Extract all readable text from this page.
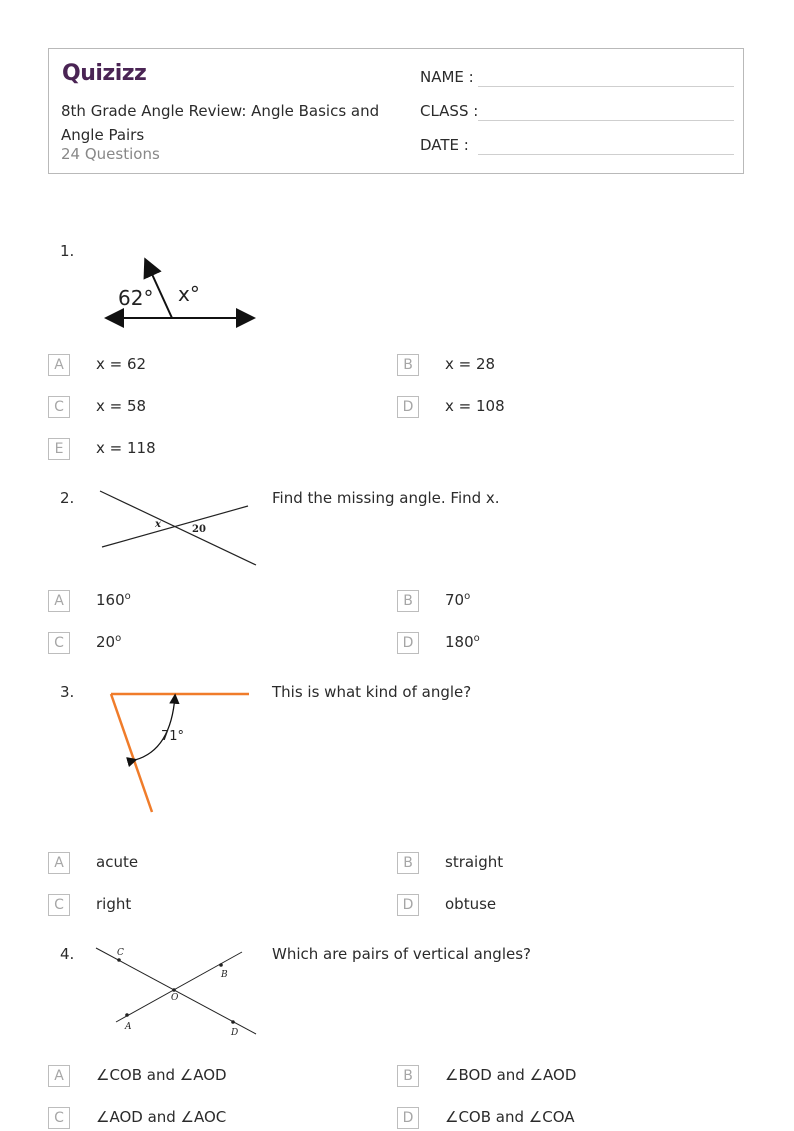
Quizizz
8th Grade Angle Review: Angle Basics and Angle Pairs
24 Questions
NAME :
CLASS :
DATE :
1.
62° x°
A	x = 62	B	x = 28
C	x = 58	D	x = 108
E	x = 118
2.
x	20
Find the missing angle. Find x.
A	160$^o$	B	70$^o$
C	20$^o$	D	180$^o$
3.
71°
This is what kind of angle?
A	acute	B	straight
C	right	D	obtuse
4.	C
B
O
A
D
Which are pairs of vertical angles?
A	∠COB and ∠AOD	B	∠BOD and ∠AOD
C	∠AOD and ∠AOC	D	∠COB and ∠COA
